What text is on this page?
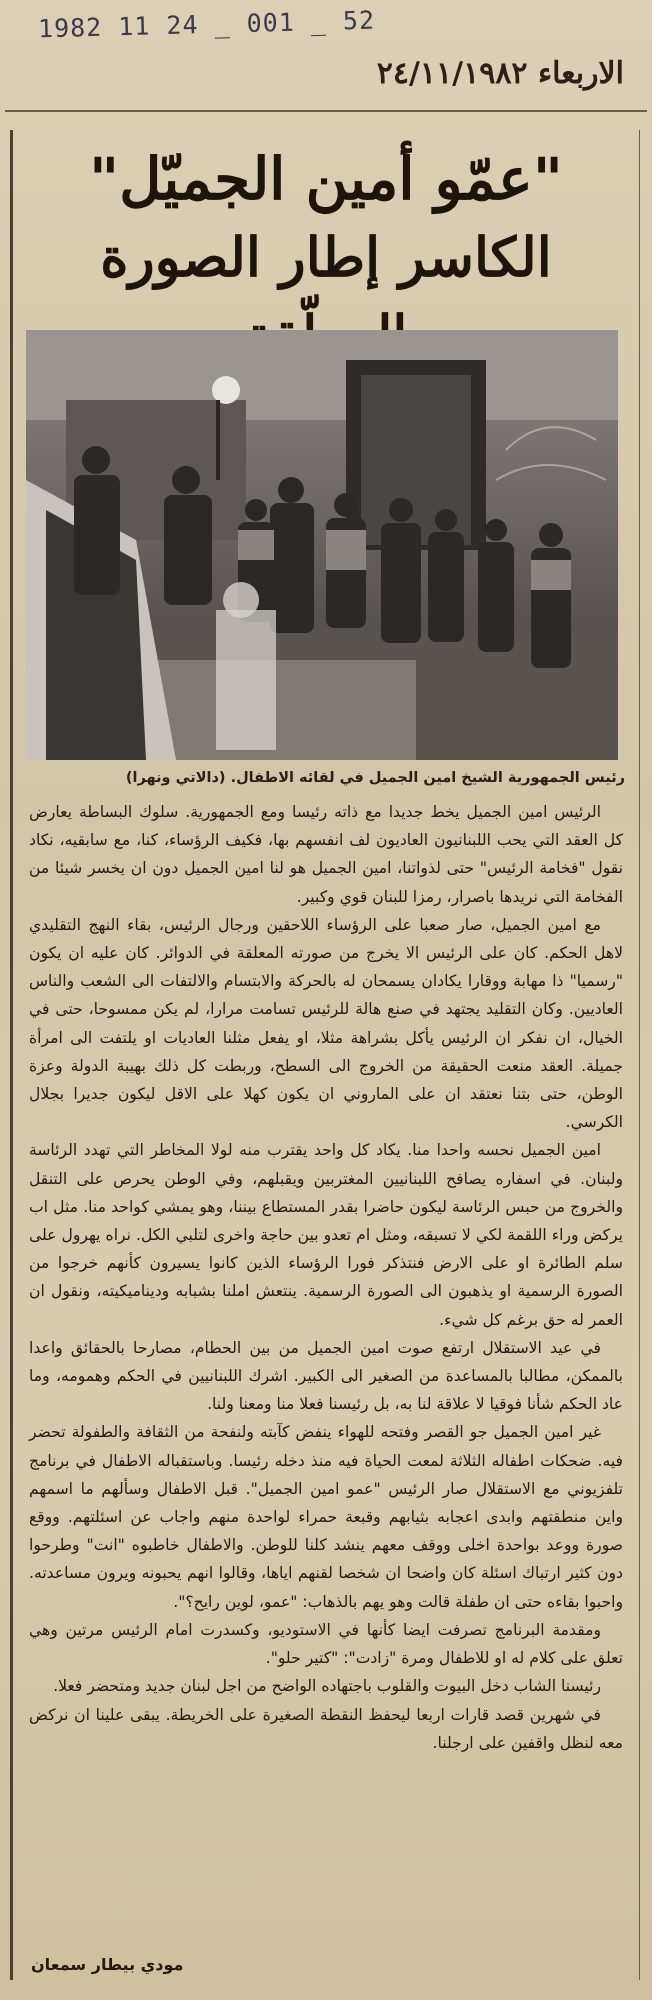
1982 11 24 _ 001 _ 52
الاربعاء ٢٤/١١/١٩٨٢
"عمّو أمين الجميّل"
الكاسر إطار الصورة
رئيس الجمهورية الشيخ امين الجميل في لقائه الاطفال. (دالاتي ونهرا)

الرئيس امين الجميل يخط جديدا مع ذاته رئيسا ومع الجمهورية. سلوك البساطة يعارض كل العقد التي يحب اللبنانيون العاديون لف انفسهم بها، فكيف الرؤساء، كنا، مع سابقيه، نكاد نقول "فخامة الرئيس" حتى لذواتنا، امين الجميل هو لنا امين الجميل دون ان يخسر شيئا من الفخامة التي نريدها باصرار، رمزا للبنان قوي وكبير.

مع امين الجميل، صار صعبا على الرؤساء اللاحقين ورجال الرئيس، بقاء النهج التقليدي لاهل الحكم. كان على الرئيس الا يخرج من صورته المعلقة في الدوائر. كان عليه ان يكون "رسميا" ذا مهابة ووقارا يكادان يسمحان له بالحركة والابتسام والالتفات الى الشعب والناس العاديين. وكان التقليد يجتهد في صنع هالة للرئيس تسامت مرارا، لم يكن ممسوحا، حتى في الخيال، ان نفكر ان الرئيس يأكل بشراهة مثلا، او يفعل مثلنا العاديات او يلتفت الى امرأة جميلة. العقد منعت الحقيقة من الخروج الى السطح، وربطت كل ذلك بهيبة الدولة وعزة الوطن، حتى بتنا نعتقد ان على الماروني ان يكون كهلا على الاقل ليكون جديرا بجلال الكرسي.

امين الجميل نحسه واحدا منا. يكاد كل واحد يقترب منه لولا المخاطر التي تهدد الرئاسة ولبنان. في اسفاره يصافح اللبنانيين المغتربين ويقبلهم، وفي الوطن يحرص على التنقل والخروج من حبس الرئاسة ليكون حاضرا بقدر المستطاع بيننا، وهو يمشي كواحد منا. مثل اب يركض وراء اللقمة لكي لا تسبقه، ومثل ام تعدو بين حاجة واخرى لتلبي الكل. نراه يهرول على سلم الطائرة او على الارض فنتذكر فورا الرؤساء الذين كانوا يسيرون كأنهم خرجوا من الصورة الرسمية او يذهبون الى الصورة الرسمية. ينتعش املنا بشبابه وديناميكيته، ونقول ان العمر له حق برغم كل شيء.

في عيد الاستقلال ارتفع صوت امين الجميل من بين الحطام، مصارحا بالحقائق واعدا بالممكن، مطالبا بالمساعدة من الصغير الى الكبير. اشرك اللبنانيين في الحكم وهمومه، وما عاد الحكم شأنا فوقيا لا علاقة لنا به، بل رئيسنا فعلا منا ومعنا ولنا.

غير امين الجميل جو القصر وفتحه للهواء ينفض كآبته ولنفحة من الثقافة والطفولة تحضر فيه. ضحكات اطفاله الثلاثة لمعت الحياة فيه منذ دخله رئيسا. وباستقباله الاطفال في برنامج تلفزيوني مع الاستقلال صار الرئيس "عمو امين الجميل". قبل الاطفال وسألهم ما اسمهم واين منطقتهم وابدى اعجابه بثيابهم وقبعة حمراء لواحدة منهم واجاب عن اسئلتهم. ووقع صورة ووعد بواحدة اخلى ووقف معهم ينشد كلنا للوطن. والاطفال خاطبوه "انت" وطرحوا دون كثير ارتباك اسئلة كان واضحا ان شخصا لقنهم اياها، وقالوا انهم يحبونه ويرون مساعدته. واحبوا بقاءه حتى ان طفلة قالت وهو يهم بالذهاب: "عمو، لوين رايح؟".

ومقدمة البرنامج تصرفت ايضا كأنها في الاستوديو، وكسدرت امام الرئيس مرتين وهي تعلق على كلام له او للاطفال ومرة "زادت": "كتير حلو".

رئيسنا الشاب دخل البيوت والقلوب باجتهاده الواضح من اجل لبنان جديد ومتحضر فعلا.

في شهرين قصد قارات اربعا ليحفظ النقطة الصغيرة على الخريطة. يبقى علينا ان نركض معه لنظل واقفين على ارجلنا.

مودي بيطار سمعان
